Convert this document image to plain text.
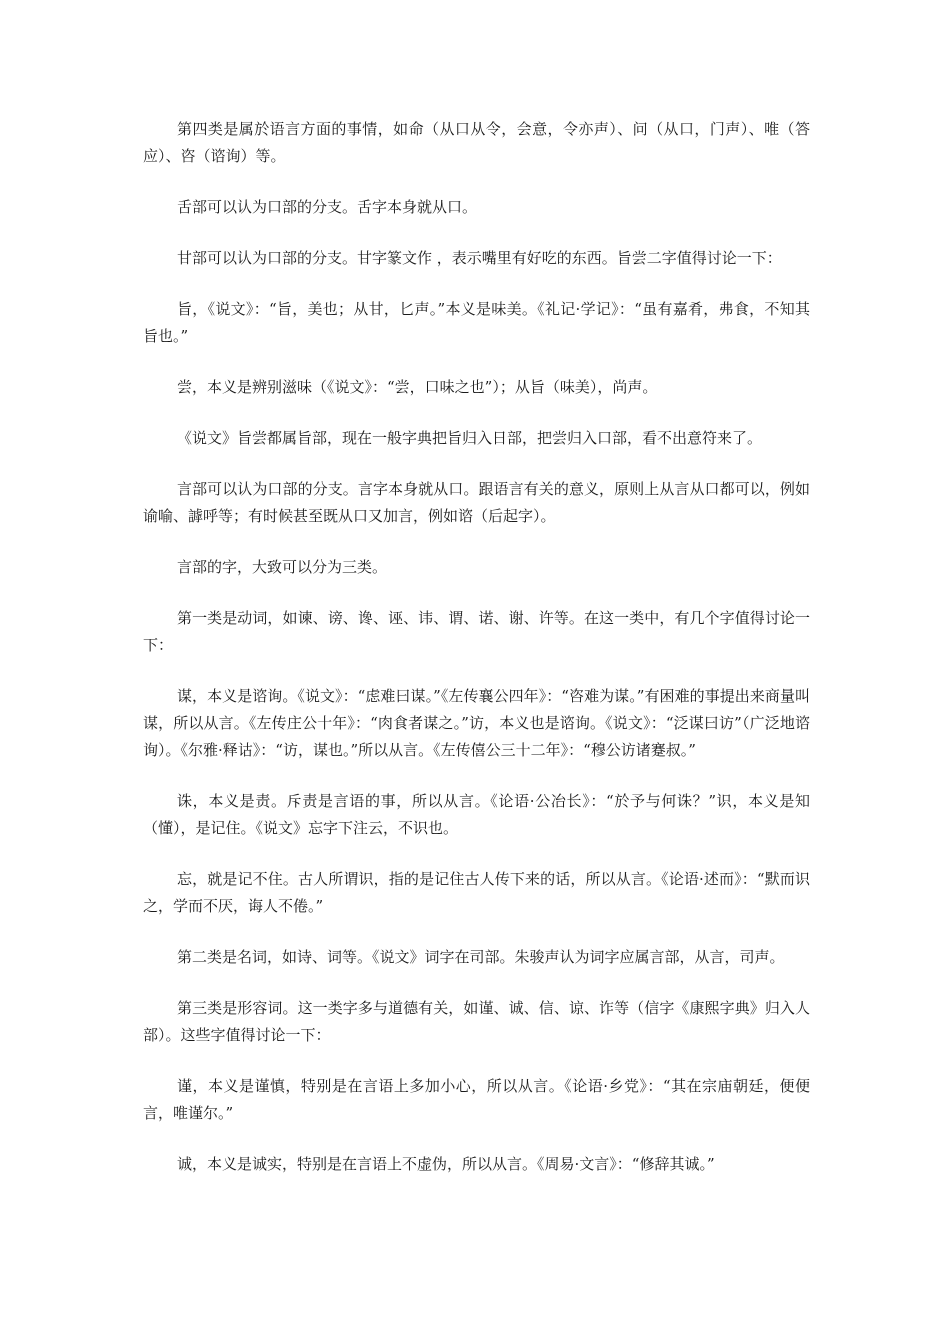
第四类是属於语言方面的事情，如命（从口从令，会意，令亦声）、问（从口，门声）、唯（答应）、咨（谘询）等。

舌部可以认为口部的分支。舌字本身就从口。

甘部可以认为口部的分支。甘字篆文作 ，表示嘴里有好吃的东西。旨尝二字值得讨论一下：

旨，《说文》：“旨，美也；从甘，匕声。”本义是味美。《礼记·学记》：“虽有嘉肴，弗食，不知其旨也。”

尝，本义是辨别滋味（《说文》：“尝，口味之也”）；从旨（味美），尚声。

《说文》旨尝都属旨部，现在一般字典把旨归入日部，把尝归入口部，看不出意符来了。

言部可以认为口部的分支。言字本身就从口。跟语言有关的意义，原则上从言从口都可以，例如谕喻、謼呼等；有时候甚至既从口又加言，例如谘（后起字）。

言部的字，大致可以分为三类。

第一类是动词，如谏、谤、谗、诬、讳、谓、诺、谢、许等。在这一类中，有几个字值得讨论一下：

谋，本义是谘询。《说文》：“虑难曰谋。”《左传襄公四年》：“咨难为谋。”有困难的事提出来商量叫谋，所以从言。《左传庄公十年》：“肉食者谋之。”访，本义也是谘询。《说文》：“泛谋曰访”（广泛地谘询）。《尔雅·释诂》：“访，谋也。”所以从言。《左传僖公三十二年》：“穆公访诸蹇叔。”

诛，本义是责。斥责是言语的事，所以从言。《论语·公冶长》：“於予与何诛？”识，本义是知（懂），是记住。《说文》忘字下注云，不识也。

忘，就是记不住。古人所谓识，指的是记住古人传下来的话，所以从言。《论语·述而》：“默而识之，学而不厌，诲人不倦。”

第二类是名词，如诗、词等。《说文》词字在司部。朱骏声认为词字应属言部，从言，司声。

第三类是形容词。这一类字多与道德有关，如谨、诚、信、谅、诈等（信字《康熙字典》归入人部）。这些字值得讨论一下：

谨，本义是谨慎，特别是在言语上多加小心，所以从言。《论语·乡党》：“其在宗庙朝廷，便便言，唯谨尔。”

诚，本义是诚实，特别是在言语上不虚伪，所以从言。《周易·文言》：“修辞其诚。”
